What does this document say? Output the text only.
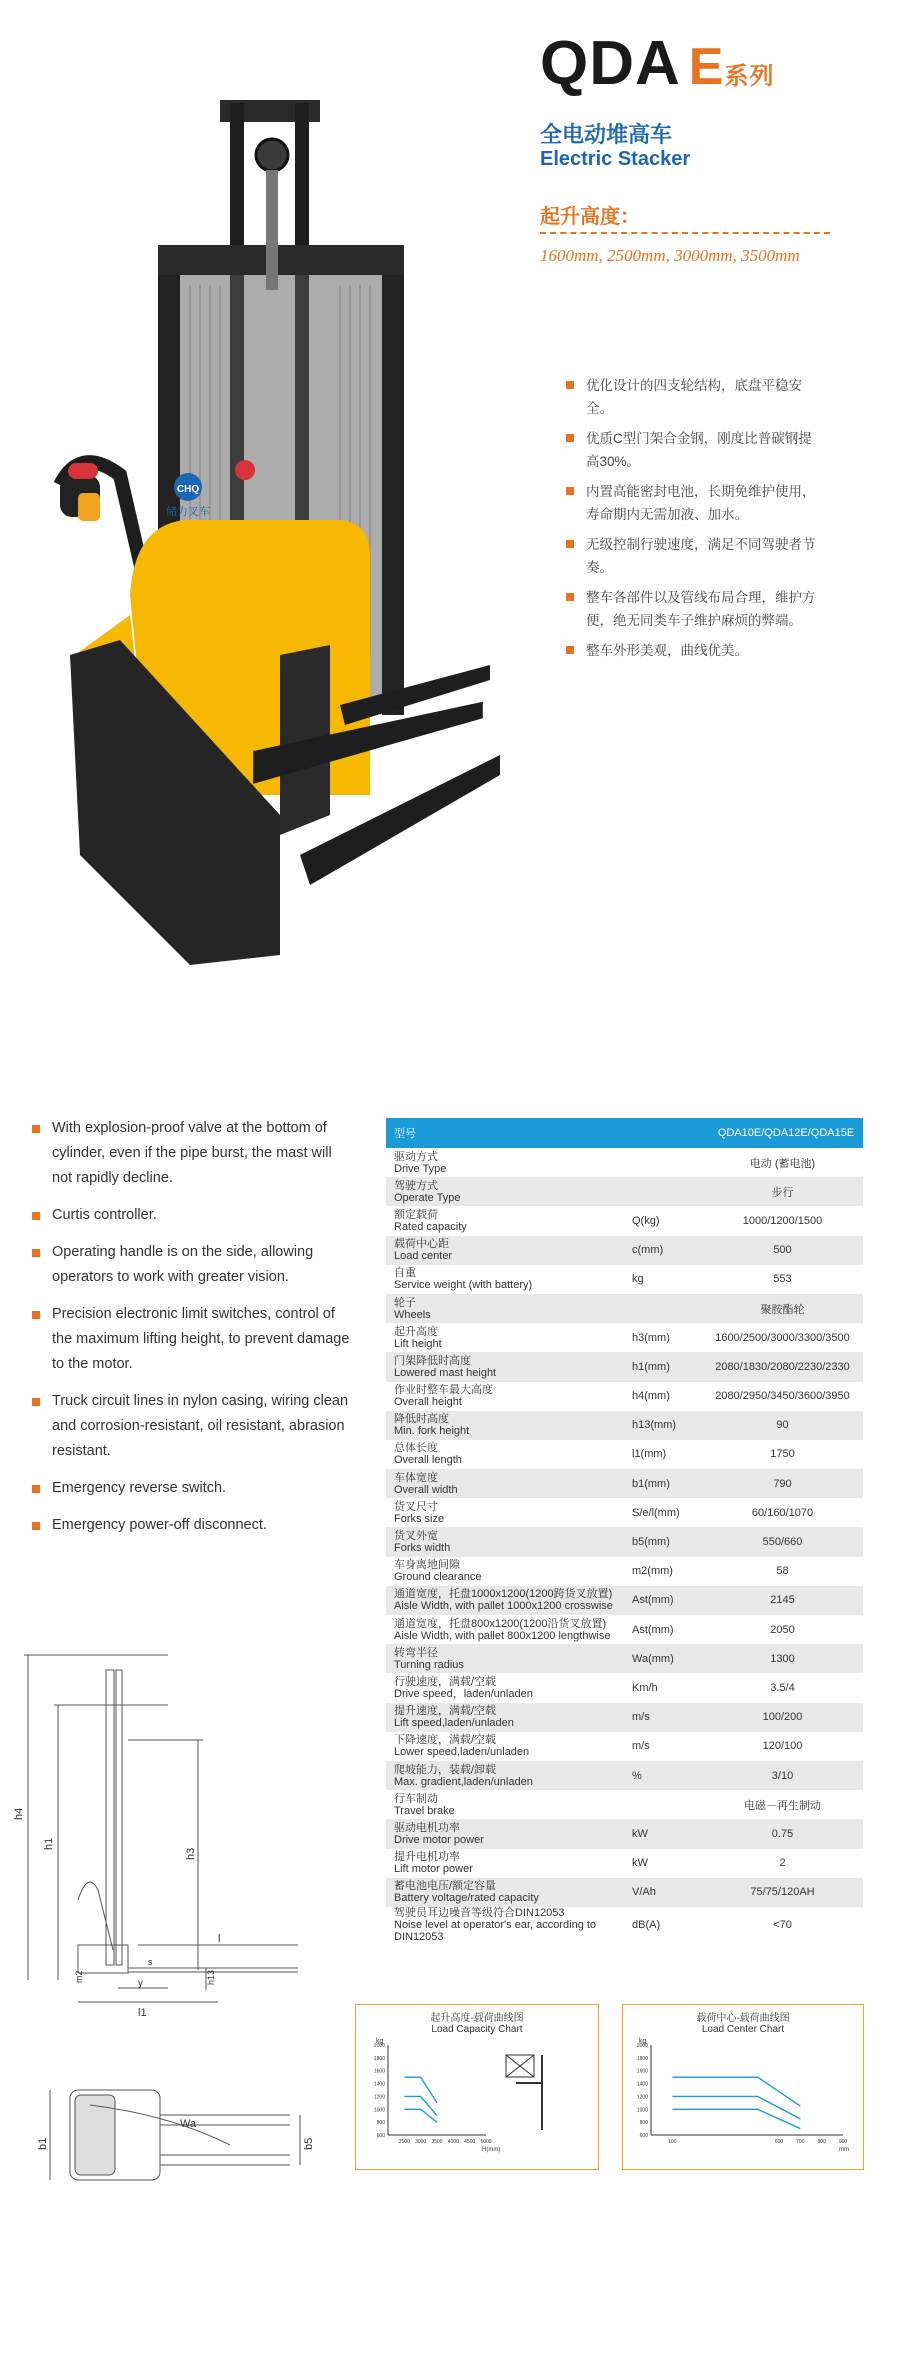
QDA E系列
全电动堆高车
Electric Stacker
起升高度：
1600mm, 2500mm, 3000mm, 3500mm
CHQ
储力叉车
优化设计的四支轮结构，底盘平稳安全。
优质C型门架合金钢，刚度比普碳钢提高30%。
内置高能密封电池，长期免维护使用，寿命期内无需加液、加水。
无级控制行驶速度，满足不同驾驶者节奏。
整车各部件以及管线布局合理，维护方便，绝无同类车子维护麻烦的弊端。
整车外形美观，曲线优美。
With explosion-proof valve at the bottom of cylinder, even if the pipe burst, the mast will not rapidly decline.
Curtis controller.
Operating handle is on the side, allowing operators to work with greater vision.
Precision electronic limit switches, control of the maximum lifting height, to prevent damage to the motor.
Truck circuit lines in nylon casing, wiring clean and corrosion-resistant, oil resistant, abrasion resistant.
Emergency reverse switch.
Emergency power-off disconnect.
型号		QDA10E/QDA12E/QDA15E

驱动方式
Drive Type		电动 (蓄电池)

驾驶方式
Operate Type		步行

额定载荷
Rated capacity	Q(kg)	1000/1200/1500

载荷中心距
Load center	c(mm)	500

自重
Service weight (with battery)	kg	553

轮子
Wheels		聚胺酯轮

起升高度
Lift height	h3(mm)	1600/2500/3000/3300/3500

门架降低时高度
Lowered mast height	h1(mm)	2080/1830/2080/2230/2330

作业时整车最大高度
Overall height	h4(mm)	2080/2950/3450/3600/3950

降低时高度
Min. fork height	h13(mm)	90

总体长度
Overall length	l1(mm)	1750

车体宽度
Overall width	b1(mm)	790

货叉尺寸
Forks size	S/e/l(mm)	60/160/1070

货叉外宽
Forks width	b5(mm)	550/660

车身离地间隙
Ground clearance	m2(mm)	58

通道宽度，托盘1000x1200(1200跨货叉放置)
Aisle Width, with pallet 1000x1200 crosswise	Ast(mm)	2145

通道宽度，托盘800x1200(1200沿货叉放置)
Aisle Width, with pallet 800x1200 lengthwise	Ast(mm)	2050

转弯半径
Turning radius	Wa(mm)	1300

行驶速度，满载/空载
Drive speed，laden/unladen	Km/h	3.5/4

提升速度，满载/空载
Lift speed,laden/unladen	m/s	100/200

下降速度，满载/空载
Lower speed,laden/unladen	m/s	120/100

爬坡能力，装载/卸载
Max. gradient,laden/unladen	%	3/10

行车制动
Travel brake		电磁－再生制动

驱动电机功率
Drive motor power	kW	0.75

提升电机功率
Lift motor power	kW	2

蓄电池电压/额定容量
Battery voltage/rated capacity	V/Ah	75/75/120AH

驾驶员耳边噪音等级符合DIN12053
Noise level at operator's ear, according to DIN12053	dB(A)	<70
h4
h1
h3
h13
m2
s
l
y
l1
b1	b5
Wa
起升高度-载荷曲线图
Load Capacity Chart
kg
2000
1800
1600
1400
1200
1000
800
600
2500 3000 3500 4000 4500 5000
H(mm)
载荷中心-载荷曲线图
Load Center Chart
kg
2000
1800
1600
1400
1200
1000
800
600
100	600	700	800	900
mm
